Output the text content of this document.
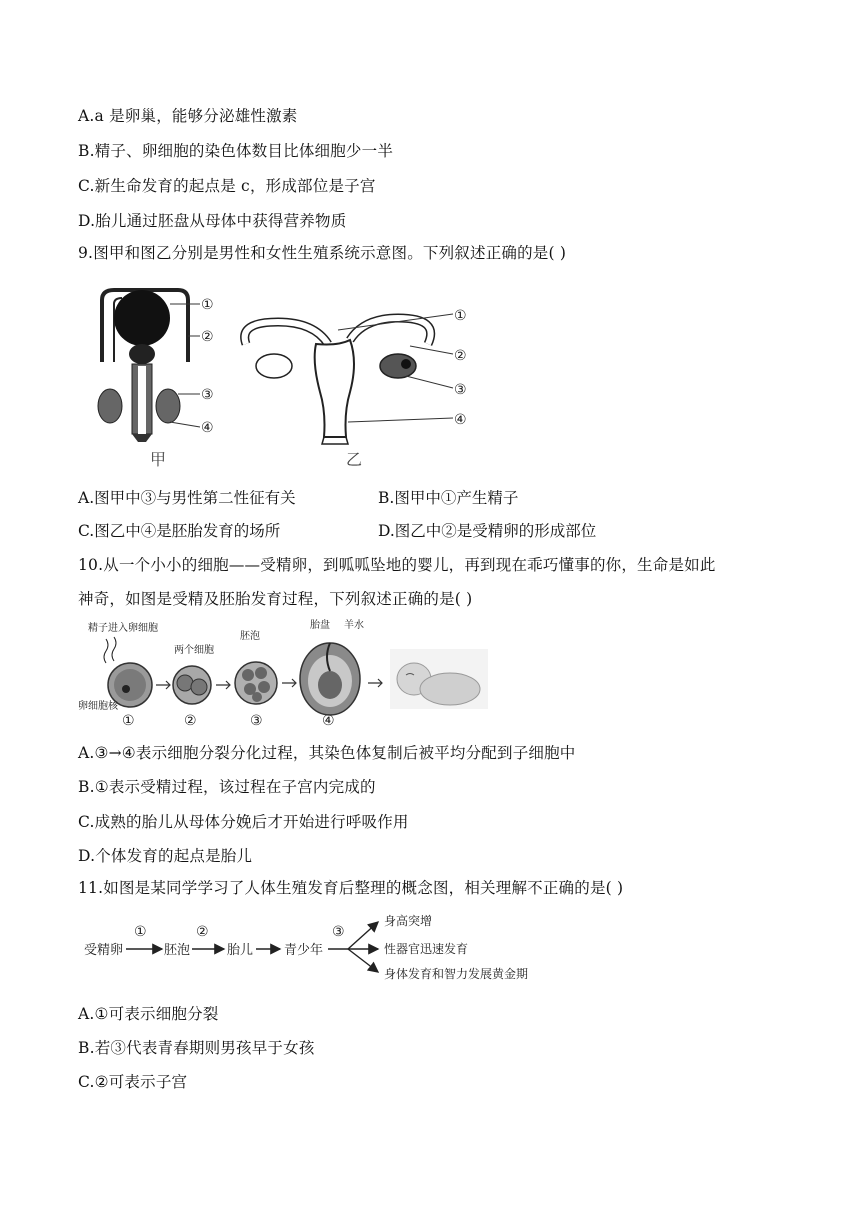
A.a 是卵巢，能够分泌雄性激素
B.精子、卵细胞的染色体数目比体细胞少一半
C.新生命发育的起点是 c，形成部位是子宫
D.胎儿通过胚盘从母体中获得营养物质
9.图甲和图乙分别是男性和女性生殖系统示意图。下列叙述正确的是( )
①
②
③
④
甲
①
②
③
④
乙
A.图甲中③与男性第二性征有关	B.图甲中①产生精子
C.图乙中④是胚胎发育的场所	D.图乙中②是受精卵的形成部位
10.从一个小小的细胞——受精卵，到呱呱坠地的婴儿，再到现在乖巧懂事的你，生命是如此
神奇，如图是受精及胚胎发育过程，下列叙述正确的是( )
精子进入卵细胞
卵细胞核
①
两个细胞
②
胚泡
③
胎盘 羊水
④
A.③→④表示细胞分裂分化过程，其染色体复制后被平均分配到子细胞中
B.①表示受精过程，该过程在子宫内完成的
C.成熟的胎儿从母体分娩后才开始进行呼吸作用
D.个体发育的起点是胎儿
11.如图是某同学学习了人体生殖发育后整理的概念图，相关理解不正确的是( )
受精卵
①
胚泡
②
胎儿 青少年
③
身高突增
性器官迅速发育
身体发育和智力发展黄金期
A.①可表示细胞分裂
B.若③代表青春期则男孩早于女孩
C.②可表示子宫
